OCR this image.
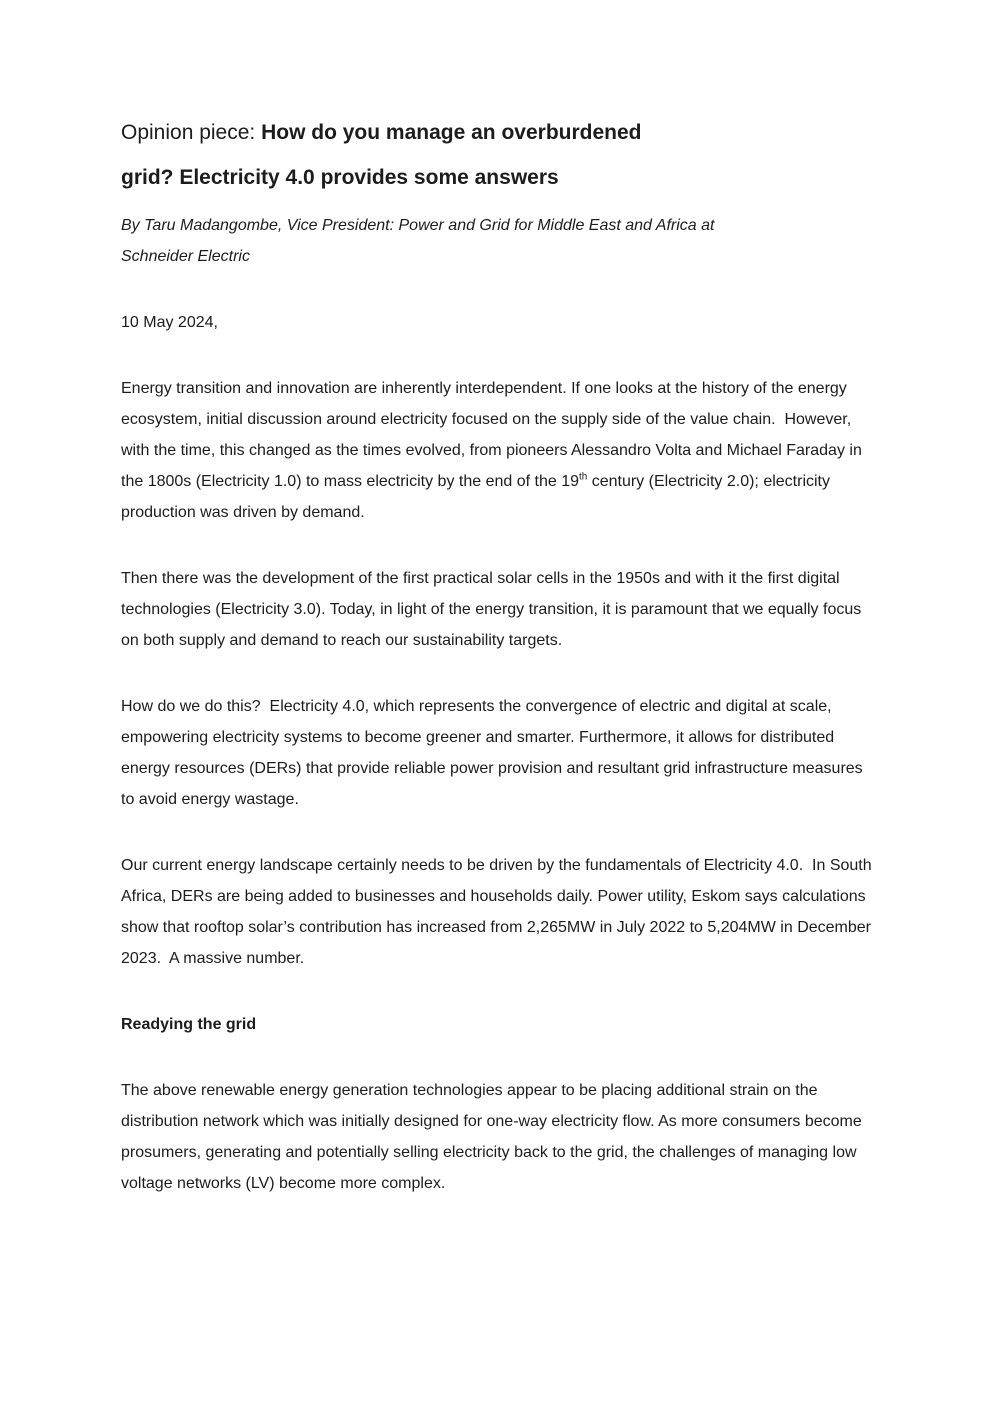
Opinion piece: How do you manage an overburdened
grid? Electricity 4.0 provides some answers

By Taru Madangombe, Vice President: Power and Grid for Middle East and Africa at
Schneider Electric

10 May 2024,

Energy transition and innovation are inherently interdependent. If one looks at the history of the energy ecosystem, initial discussion around electricity focused on the supply side of the value chain.  However, with the time, this changed as the times evolved, from pioneers Alessandro Volta and Michael Faraday in the 1800s (Electricity 1.0) to mass electricity by the end of the 19th century (Electricity 2.0); electricity production was driven by demand.

Then there was the development of the first practical solar cells in the 1950s and with it the first digital technologies (Electricity 3.0). Today, in light of the energy transition, it is paramount that we equally focus on both supply and demand to reach our sustainability targets.

How do we do this?  Electricity 4.0, which represents the convergence of electric and digital at scale, empowering electricity systems to become greener and smarter. Furthermore, it allows for distributed energy resources (DERs) that provide reliable power provision and resultant grid infrastructure measures to avoid energy wastage.

Our current energy landscape certainly needs to be driven by the fundamentals of Electricity 4.0.  In South Africa, DERs are being added to businesses and households daily. Power utility, Eskom says calculations show that rooftop solar’s contribution has increased from 2,265MW in July 2022 to 5,204MW in December 2023.  A massive number.

Readying the grid

The above renewable energy generation technologies appear to be placing additional strain on the distribution network which was initially designed for one-way electricity flow. As more consumers become prosumers, generating and potentially selling electricity back to the grid, the challenges of managing low voltage networks (LV) become more complex.
